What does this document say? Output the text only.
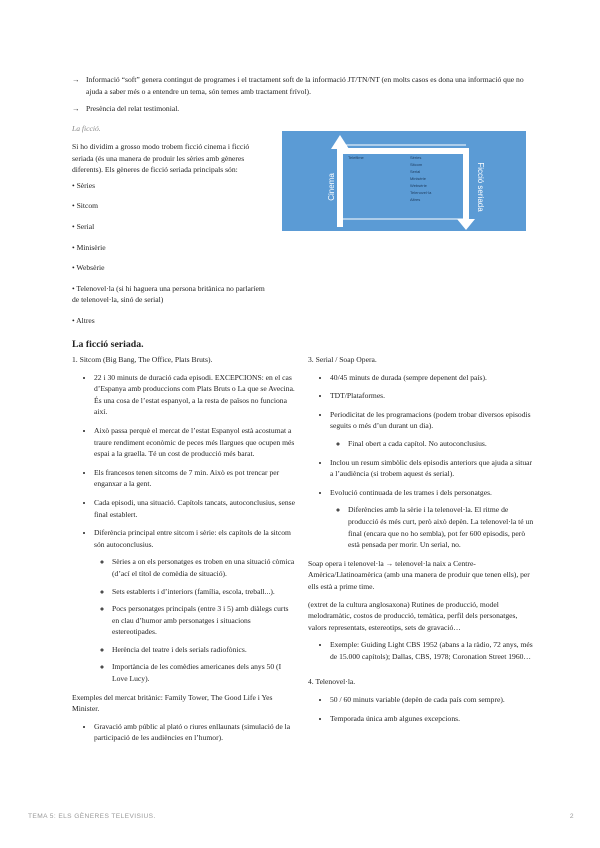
→ Informació “soft” genera contingut de programes i el tractament soft de la informació JT/TN/NT (en molts casos es dona una informació que no ajuda a saber més o a entendre un tema, són temes amb tractament frívol).
→ Presència del relat testimonial.
La ficció.

Si ho dividim a grosso modo trobem ficció cinema i ficció seriada (és una manera de produir les sèries amb gèneres diferents). Els gèneres de ficció seriada principals són:

• Sèries
• Sitcom
• Serial
• Minisèrie
• Websèrie
• Telenovel·la (si hi haguera una persona britànica no parlaríem de telenovel·la, sinó de serial)
• Altres
Cinema	Ficció seriada
Telefilme	Sèries
Sitcom
Serial
Minisèrie
Websèrie
Telenovel·la
Altres
La ficció seriada.

1. Sitcom (Big Bang, The Office, Plats Bruts).

• 22 i 30 minuts de duració cada episodi. EXCEPCIONS: en el cas d’Espanya amb produccions com Plats Bruts o La que se Avecina. És una cosa de l’estat espanyol, a la resta de països no funciona així.
• Això passa perquè el mercat de l’estat Espanyol està acostumat a traure rendiment econòmic de peces més llargues que ocupen més espai a la graella. Té un cost de producció més barat.
• Els francesos tenen sitcoms de 7 min. Això es pot trencar per enganxar a la gent.
• Cada episodi, una situació. Capítols tancats, autoconclusius, sense final establert.
• Diferència principal entre sitcom i sèrie: els capítols de la sitcom són autoconclusius.
◦ Sèries a on els personatges es troben en una situació còmica (d’ací el títol de comèdia de situació).
◦ Sets establerts i d’interiors (família, escola, treball...).
◦ Pocs personatges principals (entre 3 i 5) amb diàlegs curts en clau d’humor amb personatges i situacions estereotipades.
◦ Herència del teatre i dels serials radiofònics.
◦ Importància de les comèdies americanes dels anys 50 (I Love Lucy).

Exemples del mercat britànic: Family Tower, The Good Life i Yes Minister.

• Gravació amb públic al plató o riures enllaunats (simulació de la participació de les audiències en l’humor).

3. Serial / Soap Opera.

• 40/45 minuts de durada (sempre depenent del país).
• TDT/Plataformes.
• Periodicitat de les programacions (podem trobar diversos episodis seguits o més d’un durant un dia).
◦ Final obert a cada capítol. No autoconclusius.
• Inclou un resum simbòlic dels episodis anteriors que ajuda a situar a l’audiència (si trobem aquest és serial).
• Evolució continuada de les trames i dels personatges.
◦ Diferències amb la sèrie i la telenovel·la. El ritme de producció és més curt, però això depèn. La telenovel·la té un final (encara que no ho sembla), pot fer 600 episodis, però està pensada per morir. Un serial, no.

Soap opera i telenovel·la → telenovel·la naix a Centre-Amèrica/Llatinoamèrica (amb una manera de produir que tenen ells), per ells està a prime time.

(extret de la cultura anglosaxona) Rutines de producció, model melodramàtic, costos de producció, temàtica, perfil dels personatges, valors representats, estereotips, sets de gravació…

• Exemple: Guiding Light CBS 1952 (abans a la ràdio, 72 anys, més de 15.000 capítols); Dallas, CBS, 1978; Coronation Street 1960…

4. Telenovel·la.

• 50 / 60 minuts variable (depèn de cada país com sempre).
• Temporada única amb algunes excepcions.
TEMA 5: ELS GÈNERES TELEVISIUS.	2
